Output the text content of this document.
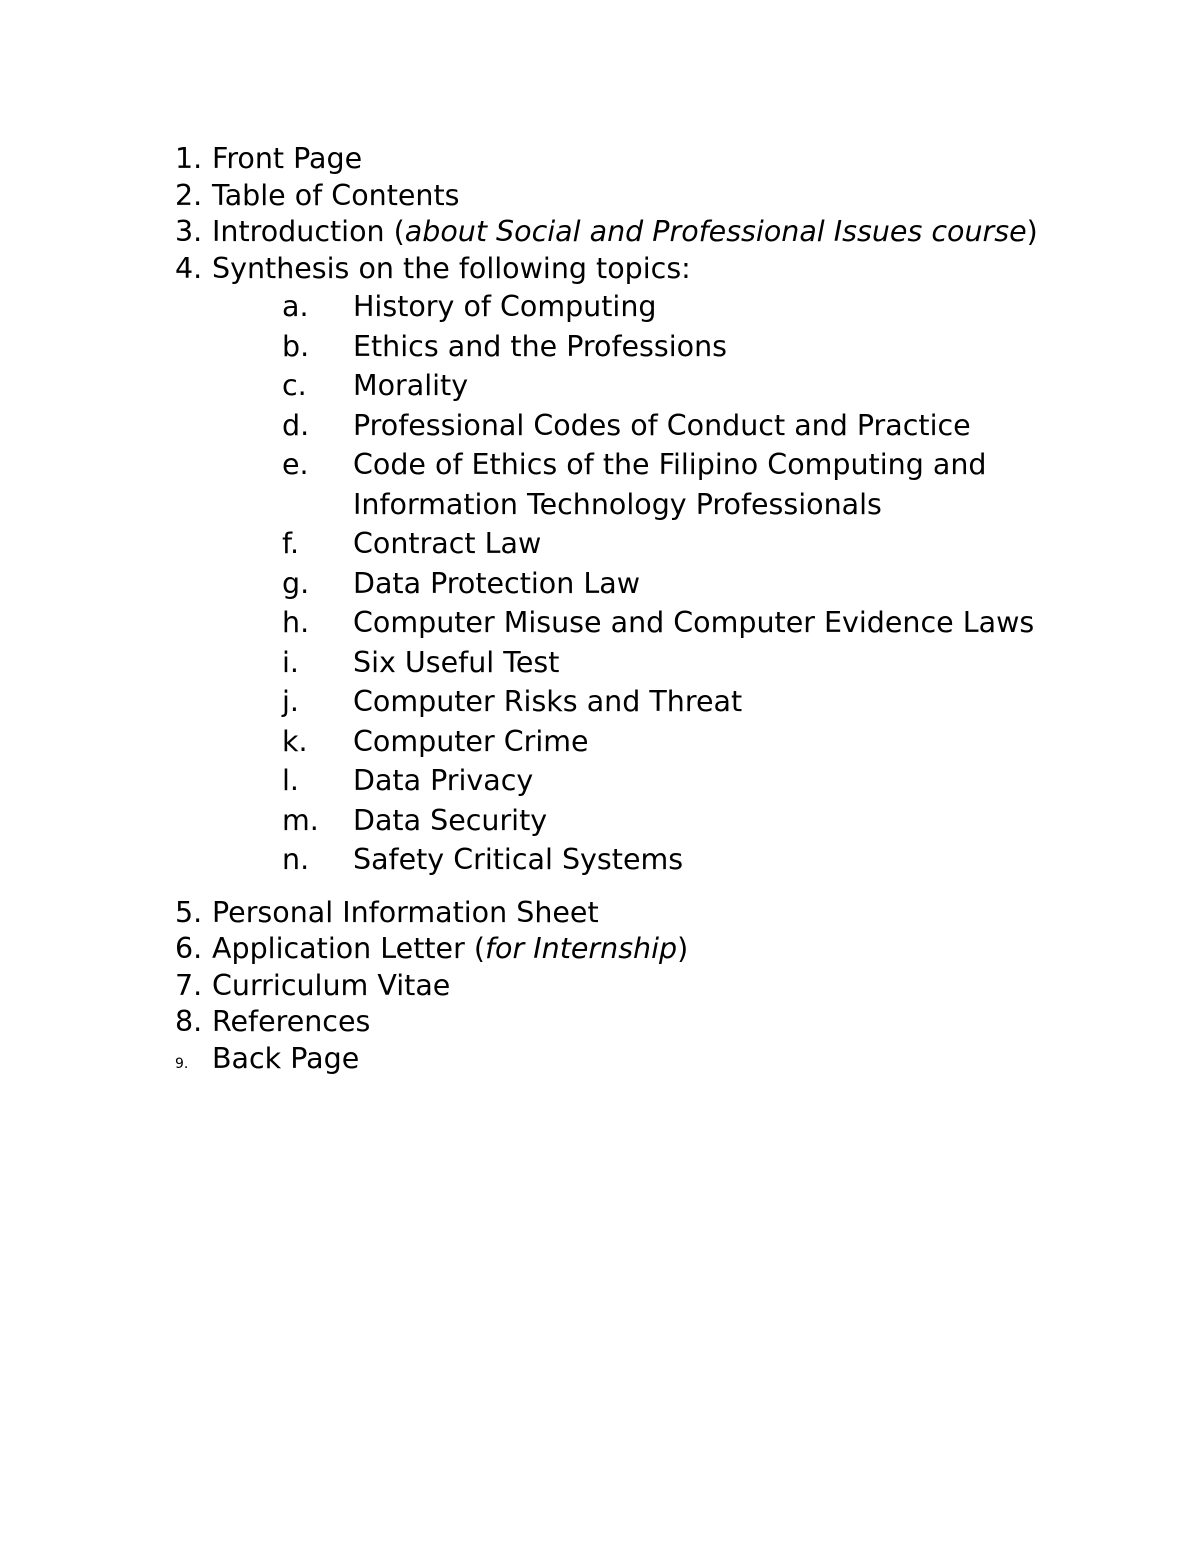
1. Front Page
2. Table of Contents
3. Introduction (about Social and Professional Issues course)
4. Synthesis on the following topics:
a. History of Computing
b. Ethics and the Professions
c. Morality
d. Professional Codes of Conduct and Practice
e. Code of Ethics of the Filipino Computing and Information Technology Professionals
f. Contract Law
g. Data Protection Law
h. Computer Misuse and Computer Evidence Laws
i. Six Useful Test
j. Computer Risks and Threat
k. Computer Crime
l. Data Privacy
m. Data Security
n. Safety Critical Systems
5. Personal Information Sheet
6. Application Letter (for Internship)
7. Curriculum Vitae
8. References
9. Back Page
